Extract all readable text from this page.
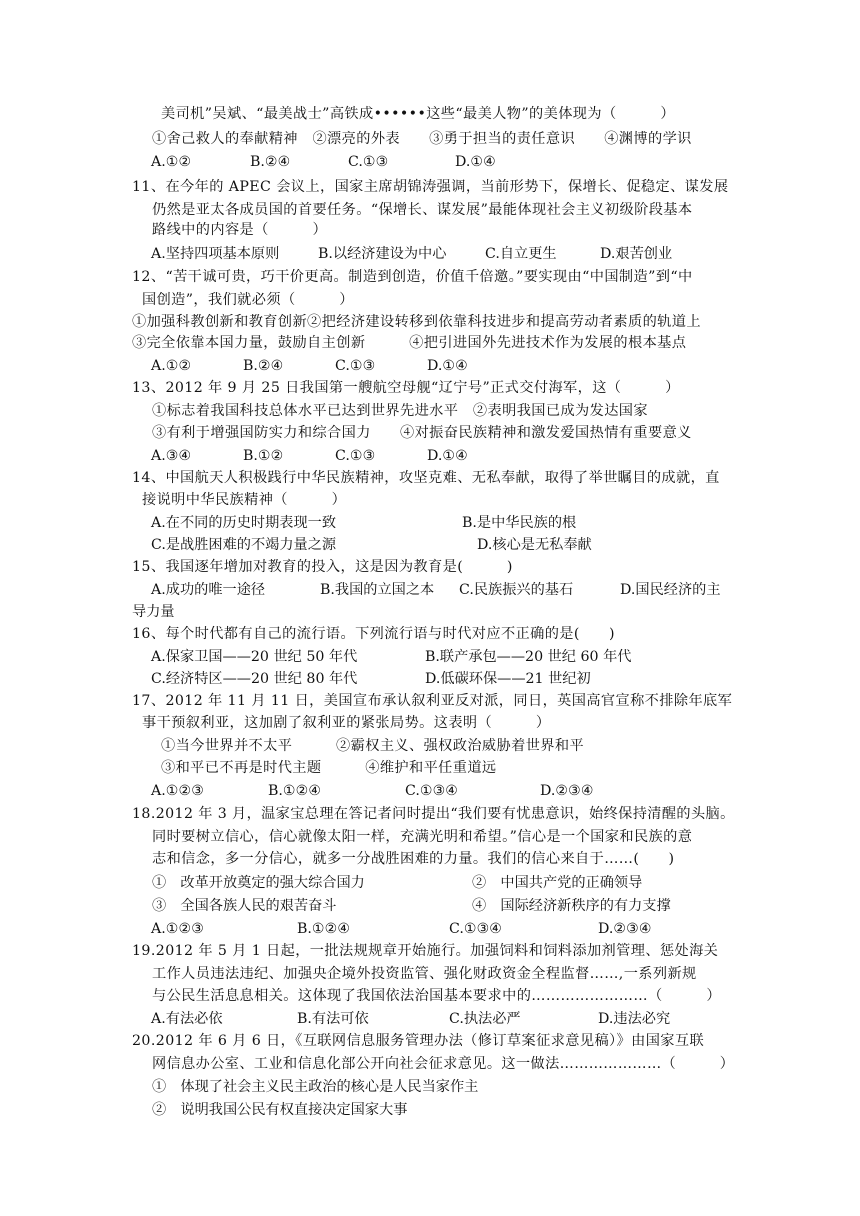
美司机”吴斌、“最美战士”高铁成••••••这些“最美人物”的美体现为（　　　）
①舍己救人的奉献精神　②漂亮的外表　　③勇于担当的责任意识　　④渊博的学识
A.①②	B.②④	C.①③	D.①④
11、在今年的 APEC 会议上，国家主席胡锦涛强调，当前形势下，保增长、促稳定、谋发展
仍然是亚太各成员国的首要任务。“保增长、谋发展”最能体现社会主义初级阶段基本
路线中的内容是（　　　）
A.坚持四项基本原则	B.以经济建设为中心	C.自立更生	D.艰苦创业
12、“苦干诚可贵，巧干价更高。制造到创造，价值千倍邀。”要实现由“中国制造”到“中
国创造”，我们就必须（　　　）
①加强科教创新和教育创新②把经济建设转移到依靠科技进步和提高劳动者素质的轨道上
③完全依靠本国力量，鼓励自主创新　　　④把引进国外先进技术作为发展的根本基点
A.①②	B.②④	C.①③	D.①④
13、2012 年 9 月 25 日我国第一艘航空母舰“辽宁号”正式交付海军，这（　　　）
①标志着我国科技总体水平已达到世界先进水平　②表明我国已成为发达国家
③有利于增强国防实力和综合国力　　④对振奋民族精神和激发爱国热情有重要意义
A.③④	B.①②	C.①③	D.①④
14、中国航天人积极践行中华民族精神，攻坚克难、无私奉献，取得了举世瞩目的成就，直
接说明中华民族精神（　　　）
A.在不同的历史时期表现一致	B.是中华民族的根
C.是战胜困难的不竭力量之源	D.核心是无私奉献
15、我国逐年增加对教育的投入，这是因为教育是(　　　)
A.成功的唯一途径	B.我国的立国之本 C.民族振兴的基石	D.国民经济的主
导力量
16、每个时代都有自己的流行语。下列流行语与时代对应不正确的是(　　)
A.保家卫国——20 世纪 50 年代	B.联产承包——20 世纪 60 年代
C.经济特区——20 世纪 80 年代	D.低碳环保——21 世纪初
17、2012 年 11 月 11 日，美国宣布承认叙利亚反对派，同日，英国高官宣称不排除年底军
事干预叙利亚，这加剧了叙利亚的紧张局势。这表明（　　　）
①当今世界并不太平　　　②霸权主义、强权政治威胁着世界和平
③和平已不再是时代主题　　　④维护和平任重道远
A.①②③	B.①②④	C.①③④	D.②③④
18.2012 年 3 月，温家宝总理在答记者问时提出“我们要有忧患意识，始终保持清醒的头脑。
同时要树立信心，信心就像太阳一样，充满光明和希望。”信心是一个国家和民族的意
志和信念，多一分信心，就多一分战胜困难的力量。我们的信心来自于……(　　)
①　改革开放奠定的强大综合国力	②　中国共产党的正确领导
③　全国各族人民的艰苦奋斗	④　国际经济新秩序的有力支撑
A.①②③	B.①②④	C.①③④	D.②③④
19.2012 年 5 月 1 日起，一批法规规章开始施行。加强饲料和饲料添加剂管理、惩处海关
工作人员违法违纪、加强央企境外投资监管、强化财政资金全程监督……,一系列新规
与公民生活息息相关。这体现了我国依法治国基本要求中的……………………（　　　）
A.有法必依	B.有法可依	C.执法必严	D.违法必究
20.2012 年 6 月 6 日，《互联网信息服务管理办法（修订草案征求意见稿）》由国家互联
网信息办公室、工业和信息化部公开向社会征求意见。这一做法…………………（　　　）
①　体现了社会主义民主政治的核心是人民当家作主
②　说明我国公民有权直接决定国家大事
